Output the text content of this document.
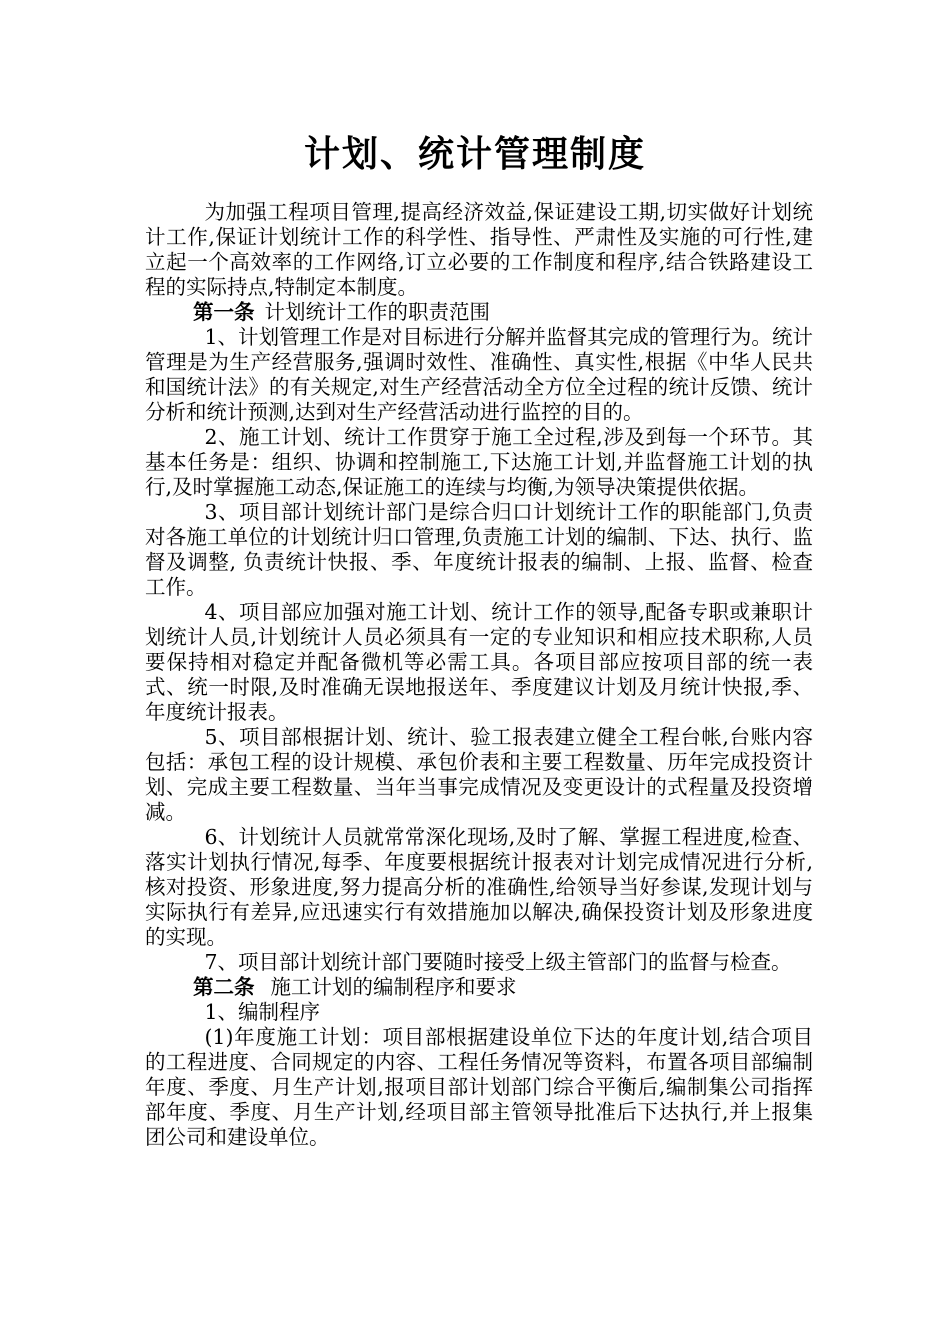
计划、统计管理制度

为加强工程项目管理,提高经济效益,保证建设工期,切实做好计划统计工作,保证计划统计工作的科学性、指导性、严肃性及实施的可行性,建立起一个高效率的工作网络,订立必要的工作制度和程序,结合铁路建设工程的实际持点,特制定本制度。

第一条 计划统计工作的职责范围

1、计划管理工作是对目标进行分解并监督其完成的管理行为。统计管理是为生产经营服务,强调时效性、准确性、真实性,根据《中华人民共和国统计法》的有关规定,对生产经营活动全方位全过程的统计反馈、统计分析和统计预测,达到对生产经营活动进行监控的目的。

2、施工计划、统计工作贯穿于施工全过程,涉及到每一个环节。其基本任务是：组织、协调和控制施工,下达施工计划,并监督施工计划的执行,及时掌握施工动态,保证施工的连续与均衡,为领导决策提供依据。

3、项目部计划统计部门是综合归口计划统计工作的职能部门,负责对各施工单位的计划统计归口管理,负责施工计划的编制、下达、执行、监督及调整, 负责统计快报、季、年度统计报表的编制、上报、监督、检查工作。

4、项目部应加强对施工计划、统计工作的领导,配备专职或兼职计划统计人员,计划统计人员必须具有一定的专业知识和相应技术职称,人员要保持相对稳定并配备微机等必需工具。各项目部应按项目部的统一表式、统一时限,及时准确无误地报送年、季度建议计划及月统计快报,季、年度统计报表。

5、项目部根据计划、统计、验工报表建立健全工程台帐,台账内容包括：承包工程的设计规模、承包价表和主要工程数量、历年完成投资计划、完成主要工程数量、当年当事完成情况及变更设计的式程量及投资增减。

6、计划统计人员就常常深化现场,及时了解、掌握工程进度,检查、落实计划执行情况,每季、年度要根据统计报表对计划完成情况进行分析,核对投资、形象进度,努力提高分析的准确性,给领导当好参谋,发现计划与实际执行有差异,应迅速实行有效措施加以解决,确保投资计划及形象进度的实现。

7、项目部计划统计部门要随时接受上级主管部门的监督与检查。

第二条 施工计划的编制程序和要求

1、编制程序

(1)年度施工计划：项目部根据建设单位下达的年度计划,结合项目的工程进度、合同规定的内容、工程任务情况等资料，布置各项目部编制年度、季度、月生产计划,报项目部计划部门综合平衡后,编制集公司指挥部年度、季度、月生产计划,经项目部主管领导批准后下达执行,并上报集团公司和建设单位。
